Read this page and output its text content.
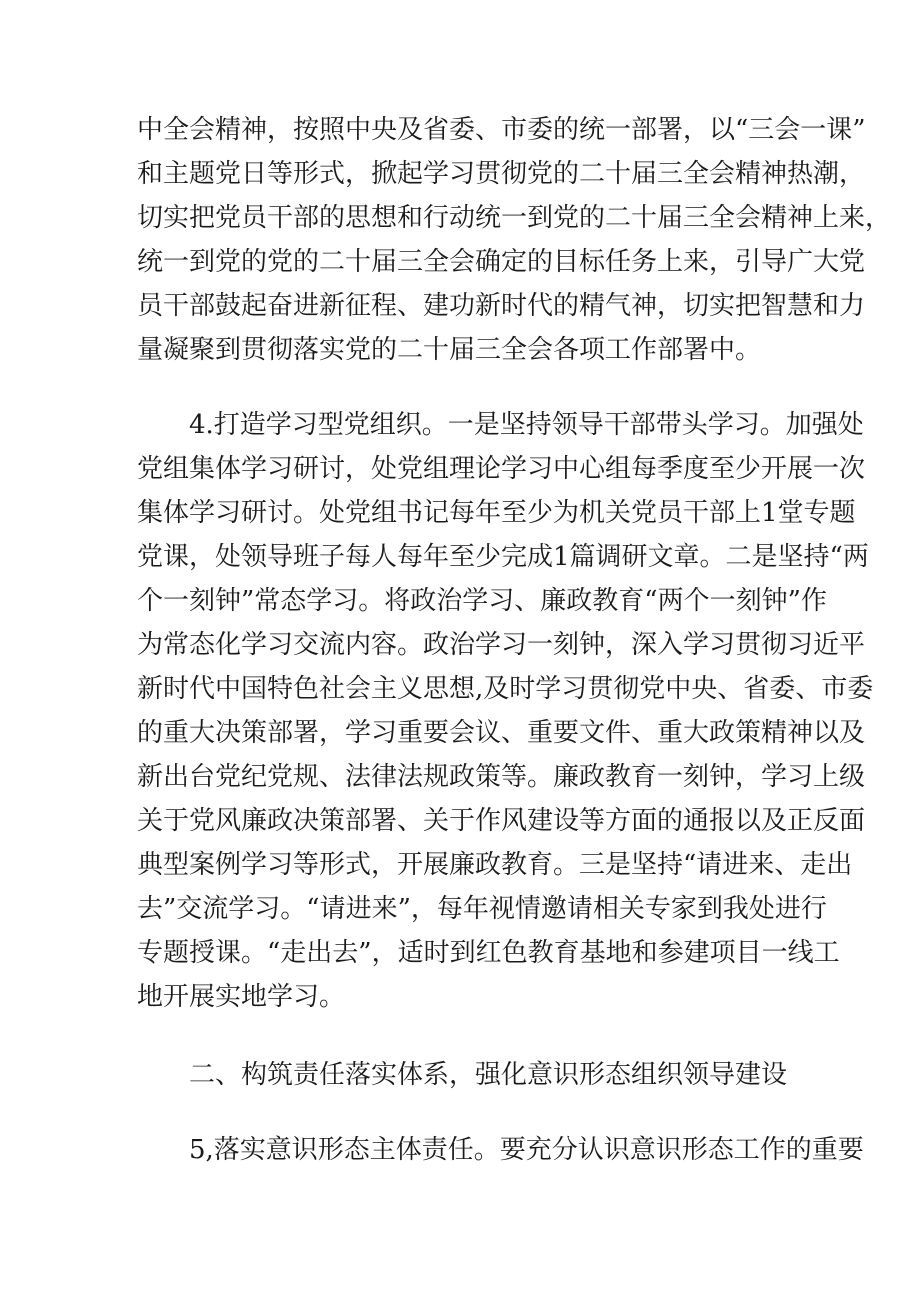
中全会精神，按照中央及省委、市委的统一部署，以“三会一课”
和主题党日等形式，掀起学习贯彻党的二十届三全会精神热潮，
切实把党员干部的思想和行动统一到党的二十届三全会精神上来，
统一到党的党的二十届三全会确定的目标任务上来，引导广大党
员干部鼓起奋进新征程、建功新时代的精气神，切实把智慧和力
量凝聚到贯彻落实党的二十届三全会各项工作部署中。

4.打造学习型党组织。一是坚持领导干部带头学习。加强处
党组集体学习研讨，处党组理论学习中心组每季度至少开展一次
集体学习研讨。处党组书记每年至少为机关党员干部上1堂专题
党课，处领导班子每人每年至少完成1篇调研文章。二是坚持“两
个一刻钟”常态学习。将政治学习、廉政教育“两个一刻钟”作
为常态化学习交流内容。政治学习一刻钟，深入学习贯彻习近平
新时代中国特色社会主义思想,及时学习贯彻党中央、省委、市委
的重大决策部署，学习重要会议、重要文件、重大政策精神以及
新出台党纪党规、法律法规政策等。廉政教育一刻钟，学习上级
关于党风廉政决策部署、关于作风建设等方面的通报以及正反面
典型案例学习等形式，开展廉政教育。三是坚持“请进来、走出
去”交流学习。“请进来”，每年视情邀请相关专家到我处进行
专题授课。“走出去”，适时到红色教育基地和参建项目一线工
地开展实地学习。

二、构筑责任落实体系，强化意识形态组织领导建设

5,落实意识形态主体责任。要充分认识意识形态工作的重要
